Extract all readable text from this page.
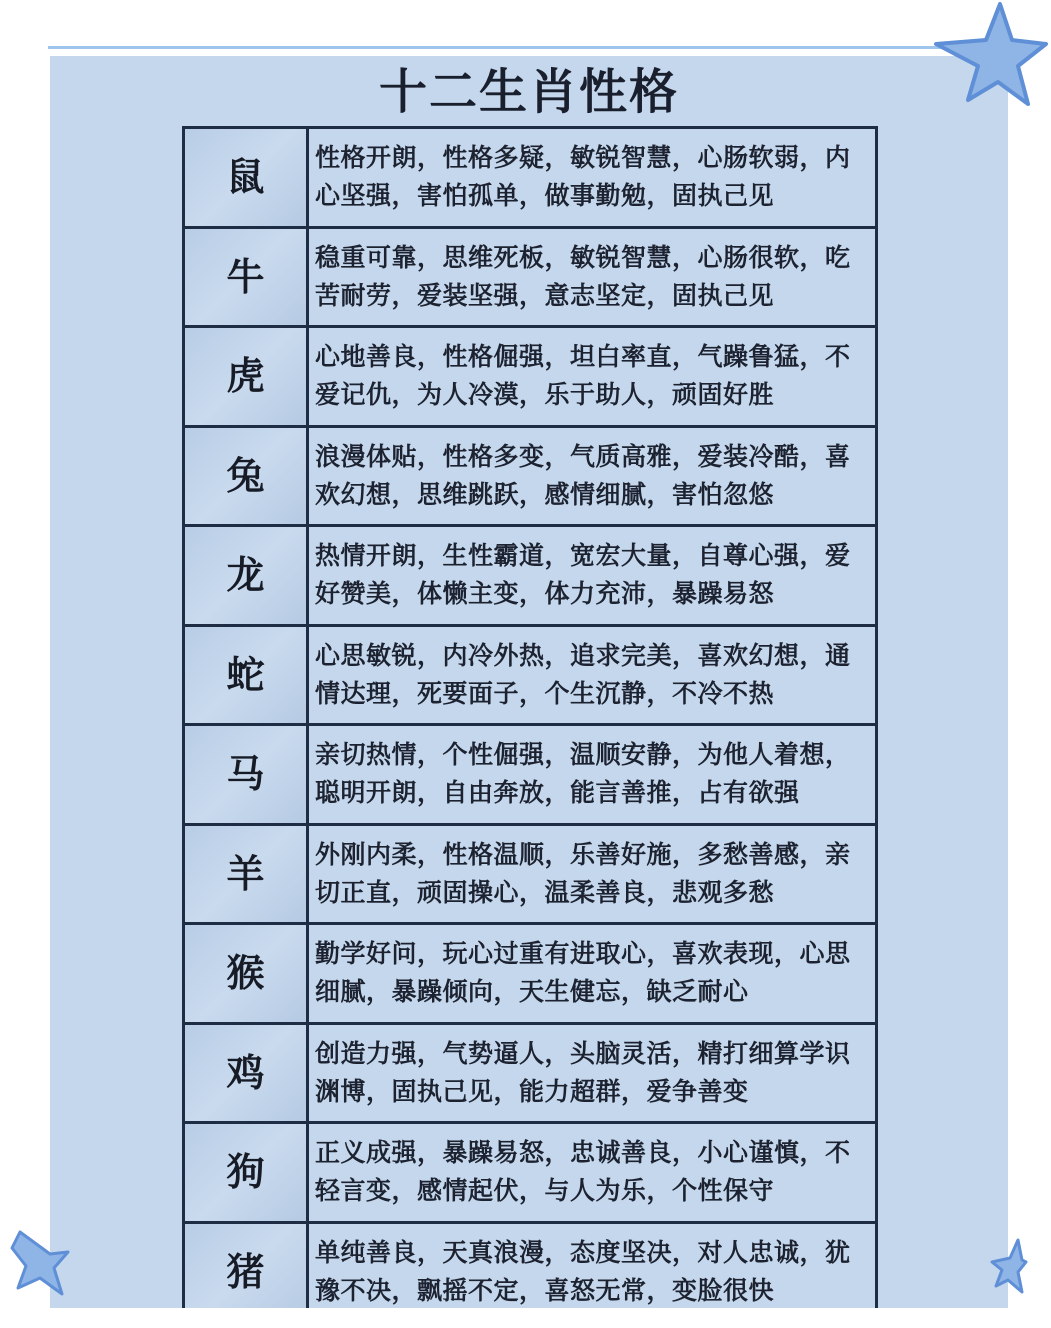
十二生肖性格
鼠 性格开朗，性格多疑，敏锐智慧，心肠软弱，内心坚强，害怕孤单，做事勤勉，固执己见
牛 稳重可靠，思维死板，敏锐智慧，心肠很软，吃苦耐劳，爱装坚强，意志坚定，固执己见
虎 心地善良，性格倔强，坦白率直，气躁鲁猛，不爱记仇，为人冷漠，乐于助人，顽固好胜
兔 浪漫体贴，性格多变，气质高雅，爱装冷酷，喜欢幻想，思维跳跃，感情细腻，害怕忽悠
龙 热情开朗，生性霸道，宽宏大量，自尊心强，爱好赞美，体懒主变，体力充沛，暴躁易怒
蛇 心思敏锐，内冷外热，追求完美，喜欢幻想，通情达理，死要面子，个生沉静，不冷不热
马 亲切热情，个性倔强，温顺安静，为他人着想，聪明开朗，自由奔放，能言善推，占有欲强
羊 外刚内柔，性格温顺，乐善好施，多愁善感，亲切正直，顽固操心，温柔善良，悲观多愁
猴 勤学好问，玩心过重有进取心，喜欢表现，心思细腻，暴躁倾向，天生健忘，缺乏耐心
鸡 创造力强，气势逼人，头脑灵活，精打细算学识渊博，固执己见，能力超群，爱争善变
狗 正义成强，暴躁易怒，忠诚善良，小心谨慎，不轻言变，感情起伏，与人为乐，个性保守
猪 单纯善良，天真浪漫，态度坚决，对人忠诚，犹豫不决，飘摇不定，喜怒无常，变脸很快
